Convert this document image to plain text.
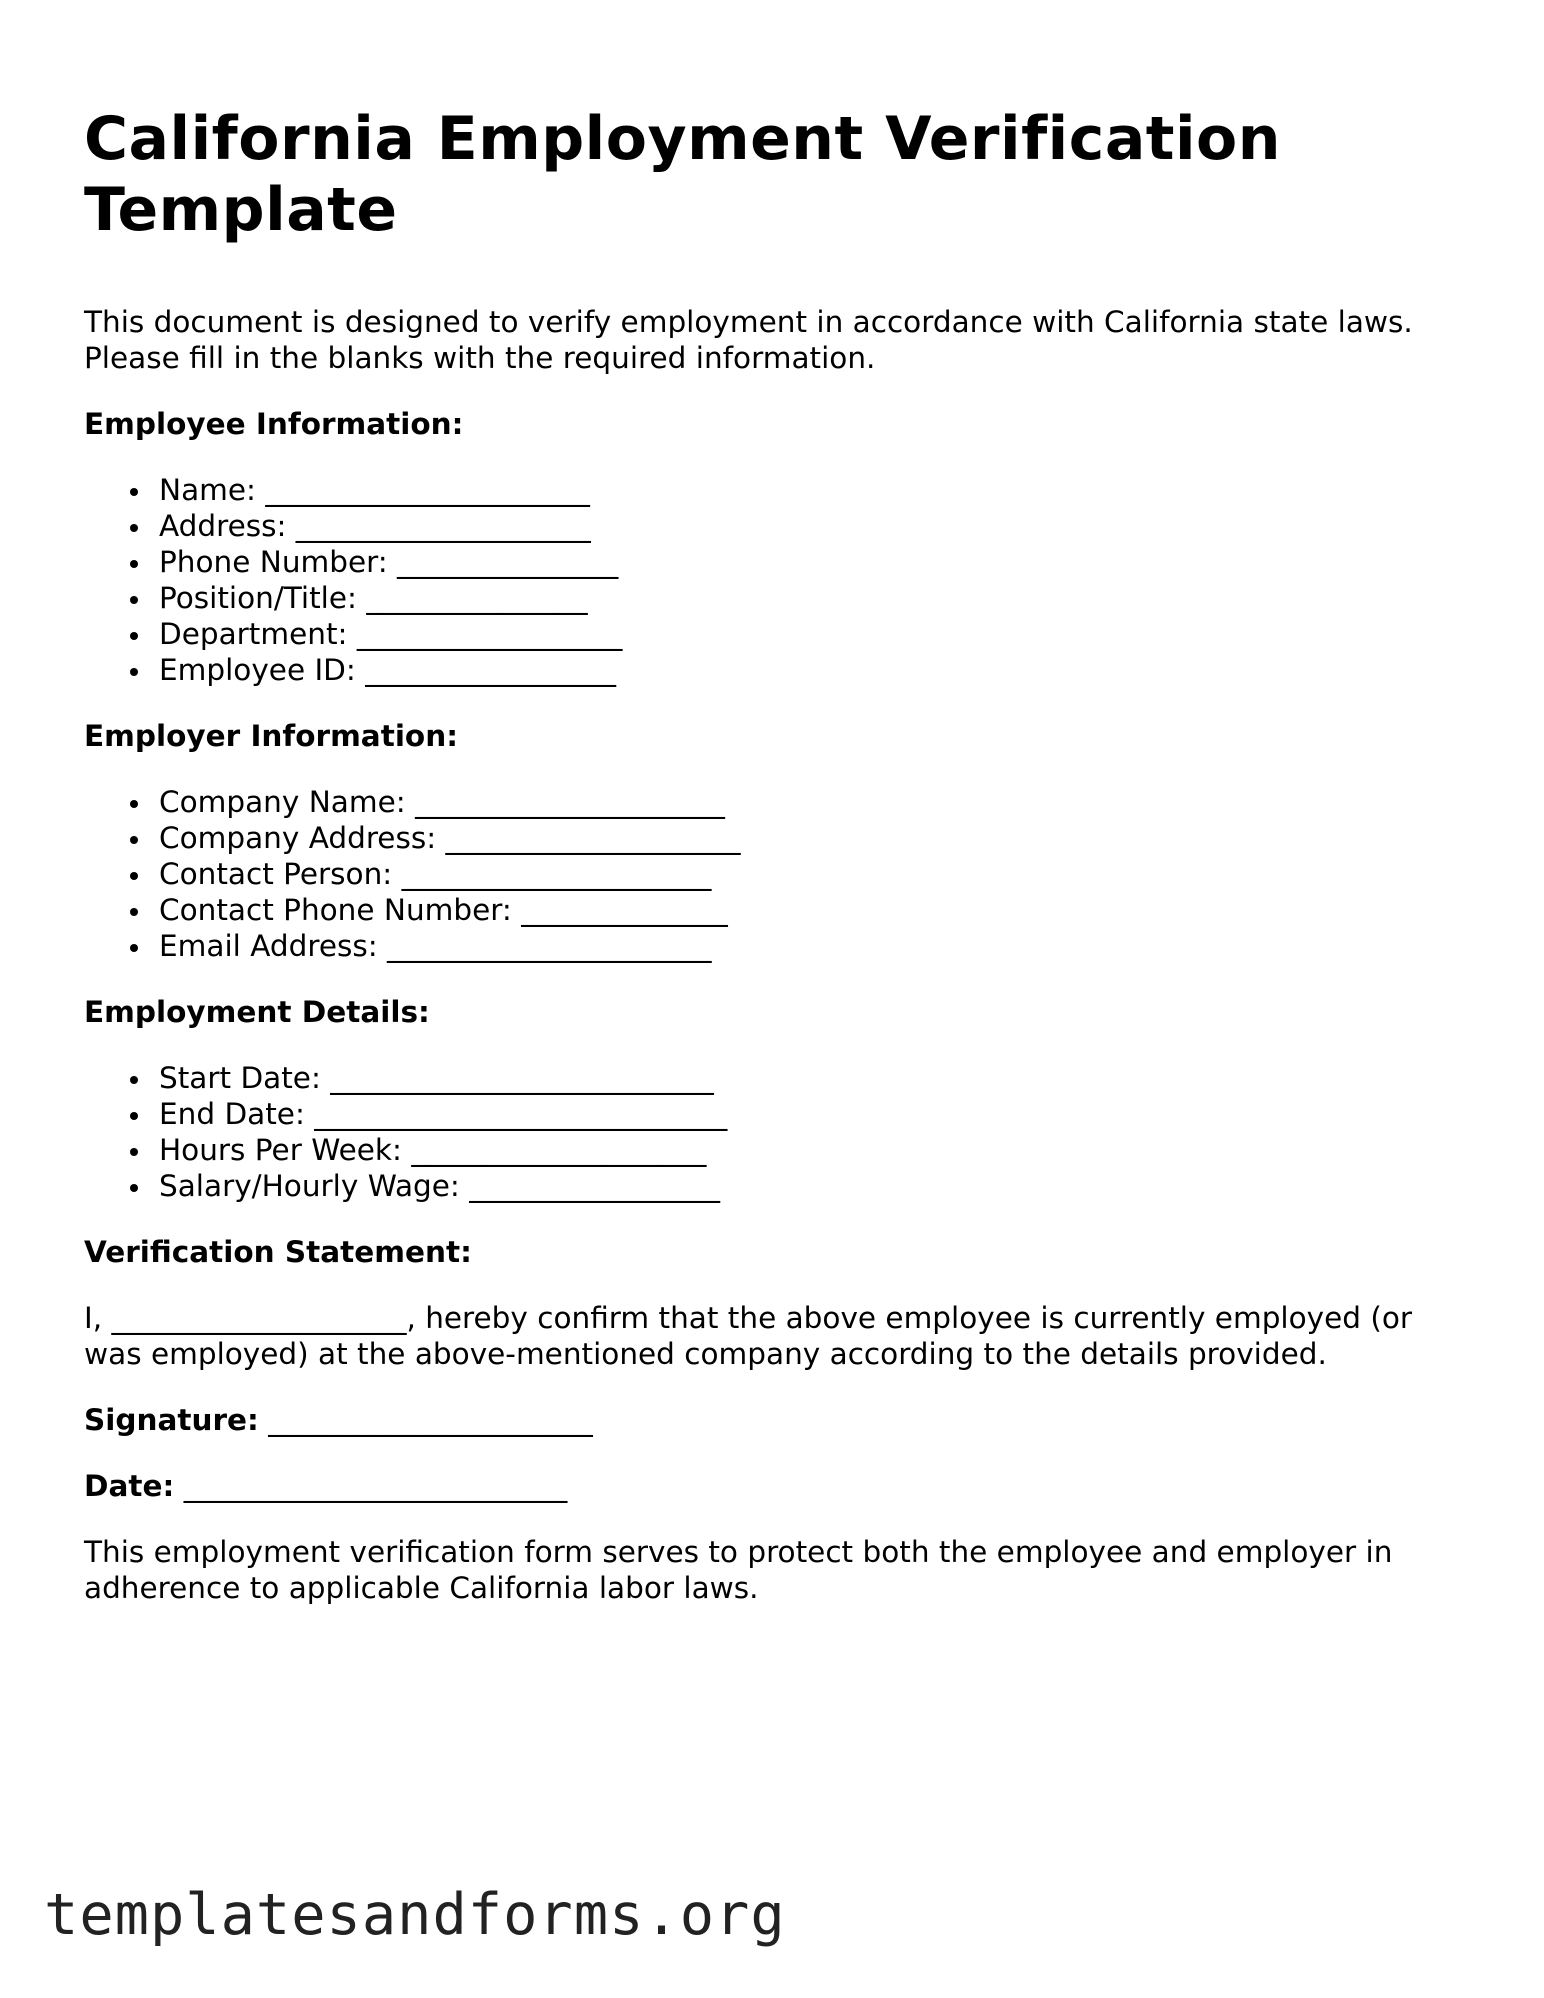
California Employment Verification Template

This document is designed to verify employment in accordance with California state laws. Please fill in the blanks with the required information.

Employee Information:
Name: ______________________
Address: ____________________
Phone Number: _______________
Position/Title: _______________
Department: __________________
Employee ID: _________________
Employer Information:
Company Name: _____________________
Company Address: ____________________
Contact Person: _____________________
Contact Phone Number: ______________
Email Address: ______________________
Employment Details:
Start Date: __________________________
End Date: ____________________________
Hours Per Week: ____________________
Salary/Hourly Wage: _________________
Verification Statement:

I, ____________________, hereby confirm that the above employee is currently employed (or was employed) at the above-mentioned company according to the details provided.

Signature: ______________________
Date: __________________________

This employment verification form serves to protect both the employee and employer in adherence to applicable California labor laws.

templatesandforms.org
